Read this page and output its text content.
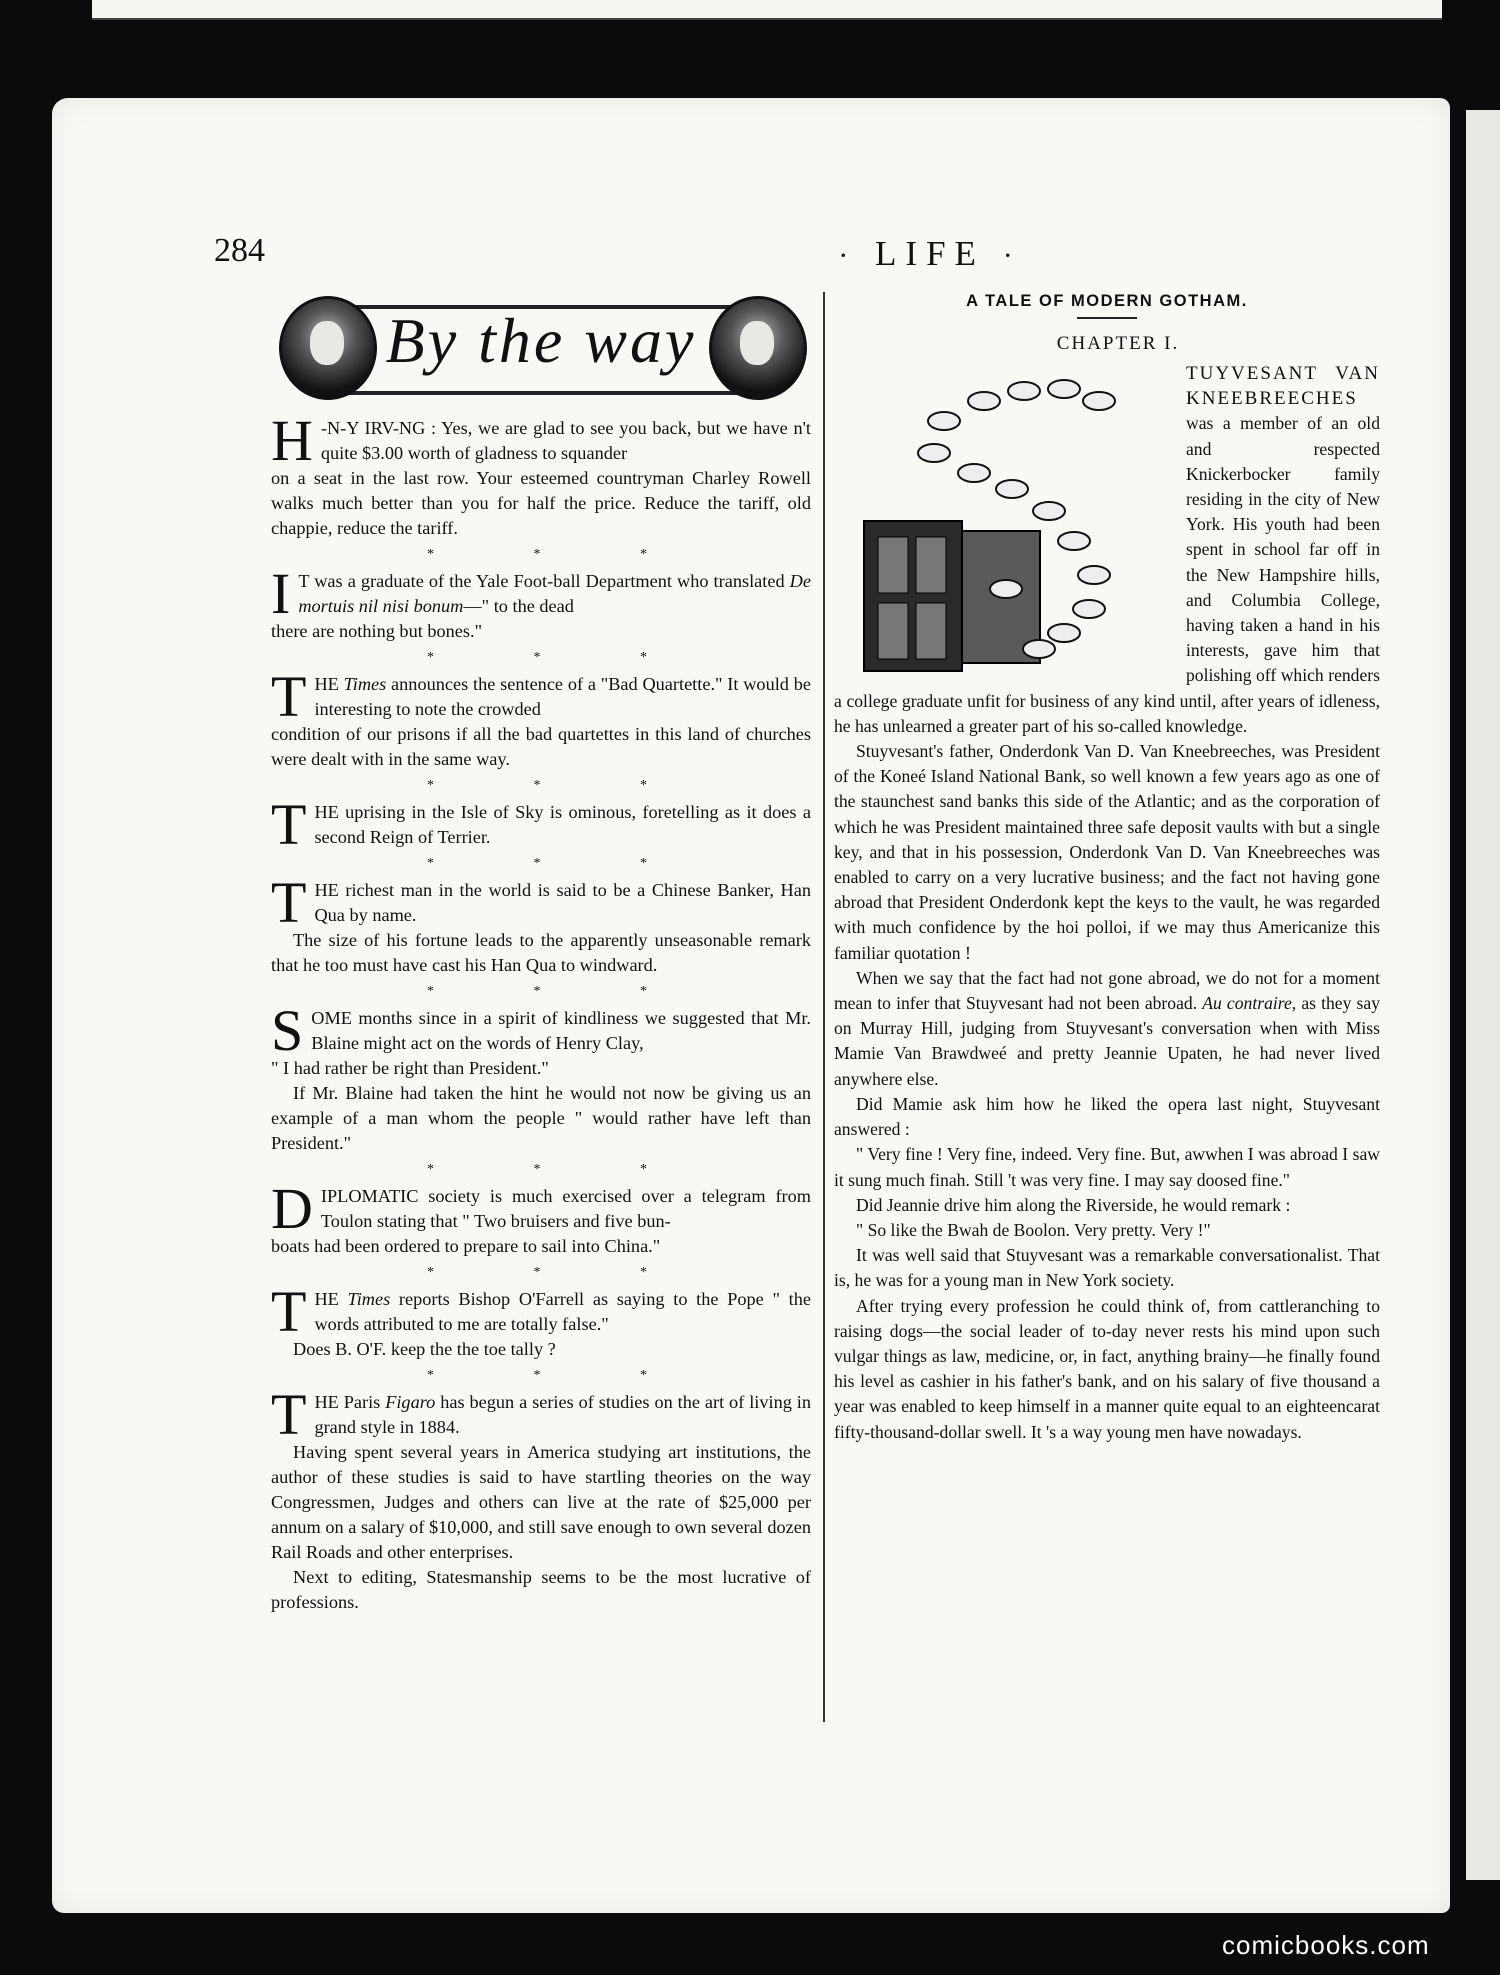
284	· LIFE ·
By the way
H -N-Y IRV-NG : Yes, we are glad to see you back, but we have n't quite $3.00 worth of gladness to squander

on a seat in the last row. Your esteemed countryman Charley Rowell walks much better than you for half the price. Reduce the tariff, old chappie, reduce the tariff.

* * *
I T was a graduate of the Yale Foot-ball Department who translated De mortuis nil nisi bonum—" to the dead

there are nothing but bones."

* * *
T HE Times announces the sentence of a "Bad Quartette." It would be interesting to note the crowded

condition of our prisons if all the bad quartettes in this land of churches were dealt with in the same way.

* * *
T HE uprising in the Isle of Sky is ominous, foretelling as it does a second Reign of Terrier.

* * *
T HE richest man in the world is said to be a Chinese Banker, Han Qua by name.

The size of his fortune leads to the apparently unseasonable remark that he too must have cast his Han Qua to windward.

* * *
S OME months since in a spirit of kindliness we suggested that Mr. Blaine might act on the words of Henry Clay,

" I had rather be right than President."

If Mr. Blaine had taken the hint he would not now be giving us an example of a man whom the people " would rather have left than President."

* * *
D IPLOMATIC society is much exercised over a telegram from Toulon stating that " Two bruisers and five bun-

boats had been ordered to prepare to sail into China."

* * *
T HE Times reports Bishop O'Farrell as saying to the Pope " the words attributed to me are totally false."

Does B. O'F. keep the the toe tally ?

* * *
T HE Paris Figaro has begun a series of studies on the art of living in grand style in 1884.

Having spent several years in America studying art institutions, the author of these studies is said to have startling theories on the way Congressmen, Judges and others can live at the rate of $25,000 per annum on a salary of $10,000, and still save enough to own several dozen Rail Roads and other enterprises.

Next to editing, Statesmanship seems to be the most lucrative of professions.

A TALE OF MODERN GOTHAM.
CHAPTER I.

TUYVESANT VAN KNEEBREECHES was a member of an old and respected Knickerbocker family residing in the city of New York. His youth had been spent in school far off in the New Hampshire hills, and Columbia College, having taken a hand in his interests, gave him that polishing off which renders a college graduate unfit for business of any kind until, after years of idleness, he has unlearned a greater part of his so-called knowledge.

Stuyvesant's father, Onderdonk Van D. Van Kneebreeches, was President of the Koneé Island National Bank, so well known a few years ago as one of the staunchest sand banks this side of the Atlantic; and as the corporation of which he was President maintained three safe deposit vaults with but a single key, and that in his possession, Onderdonk Van D. Van Kneebreeches was enabled to carry on a very lucrative business; and the fact not having gone abroad that President Onderdonk kept the keys to the vault, he was regarded with much confidence by the hoi polloi, if we may thus Americanize this familiar quotation !

When we say that the fact had not gone abroad, we do not for a moment mean to infer that Stuyvesant had not been abroad. Au contraire, as they say on Murray Hill, judging from Stuyvesant's conversation when with Miss Mamie Van Brawdweé and pretty Jeannie Upaten, he had never lived anywhere else.

Did Mamie ask him how he liked the opera last night, Stuyvesant answered :

" Very fine ! Very fine, indeed. Very fine. But, awwhen I was abroad I saw it sung much finah. Still 't was very fine. I may say doosed fine."

Did Jeannie drive him along the Riverside, he would remark :

" So like the Bwah de Boolon. Very pretty. Very !"

It was well said that Stuyvesant was a remarkable conversationalist. That is, he was for a young man in New York society.

After trying every profession he could think of, from cattleranching to raising dogs—the social leader of to-day never rests his mind upon such vulgar things as law, medicine, or, in fact, anything brainy—he finally found his level as cashier in his father's bank, and on his salary of five thousand a year was enabled to keep himself in a manner quite equal to an eighteencarat fifty-thousand-dollar swell. It 's a way young men have nowadays.

comicbooks.com
